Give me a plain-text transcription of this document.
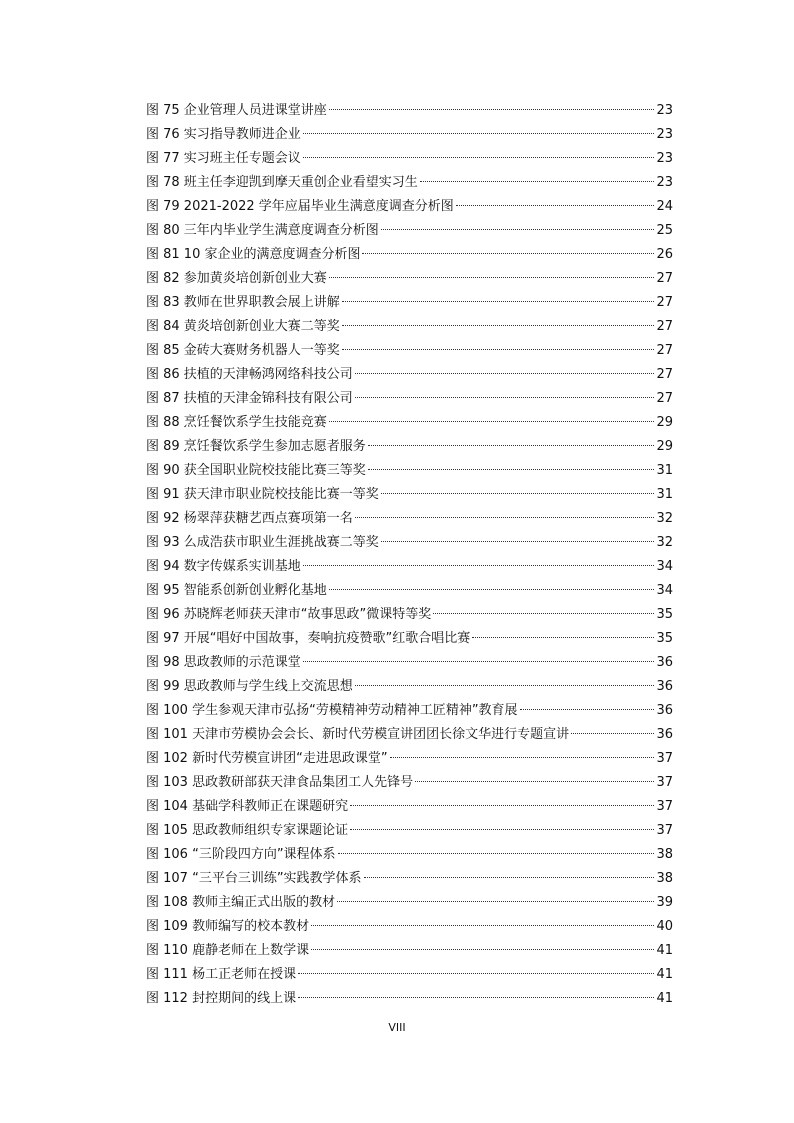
图 75 企业管理人员进课堂讲座	23
图 76 实习指导教师进企业	23
图 77 实习班主任专题会议	23
图 78 班主任李迎凯到摩天重创企业看望实习生	23
图 79 2021-2022 学年应届毕业生满意度调查分析图	24
图 80 三年内毕业学生满意度调查分析图	25
图 81 10 家企业的满意度调查分析图	26
图 82 参加黄炎培创新创业大赛	27
图 83 教师在世界职教会展上讲解	27
图 84 黄炎培创新创业大赛二等奖	27
图 85 金砖大赛财务机器人一等奖	27
图 86 扶植的天津畅鸿网络科技公司	27
图 87 扶植的天津金锦科技有限公司	27
图 88 烹饪餐饮系学生技能竞赛	29
图 89 烹饪餐饮系学生参加志愿者服务	29
图 90 获全国职业院校技能比赛三等奖	31
图 91 获天津市职业院校技能比赛一等奖	31
图 92 杨翠萍获糖艺西点赛项第一名	32
图 93 么成浩获市职业生涯挑战赛二等奖	32
图 94 数字传媒系实训基地	34
图 95 智能系创新创业孵化基地	34
图 96 苏晓辉老师获天津市“故事思政”微课特等奖	35
图 97 开展“唱好中国故事，奏响抗疫赞歌”红歌合唱比赛	35
图 98 思政教师的示范课堂	36
图 99 思政教师与学生线上交流思想	36
图 100 学生参观天津市弘扬“劳模精神劳动精神工匠精神”教育展	36
图 101 天津市劳模协会会长、新时代劳模宣讲团团长徐文华进行专题宣讲	36
图 102 新时代劳模宣讲团“走进思政课堂”	37
图 103 思政教研部获天津食品集团工人先锋号	37
图 104 基础学科教师正在课题研究	37
图 105 思政教师组织专家课题论证	37
图 106 “三阶段四方向”课程体系	38
图 107 “三平台三训练”实践教学体系	38
图 108 教师主编正式出版的教材	39
图 109 教师编写的校本教材	40
图 110 鹿静老师在上数学课	41
图 111 杨工正老师在授课	41
图 112 封控期间的线上课	41
VIII
